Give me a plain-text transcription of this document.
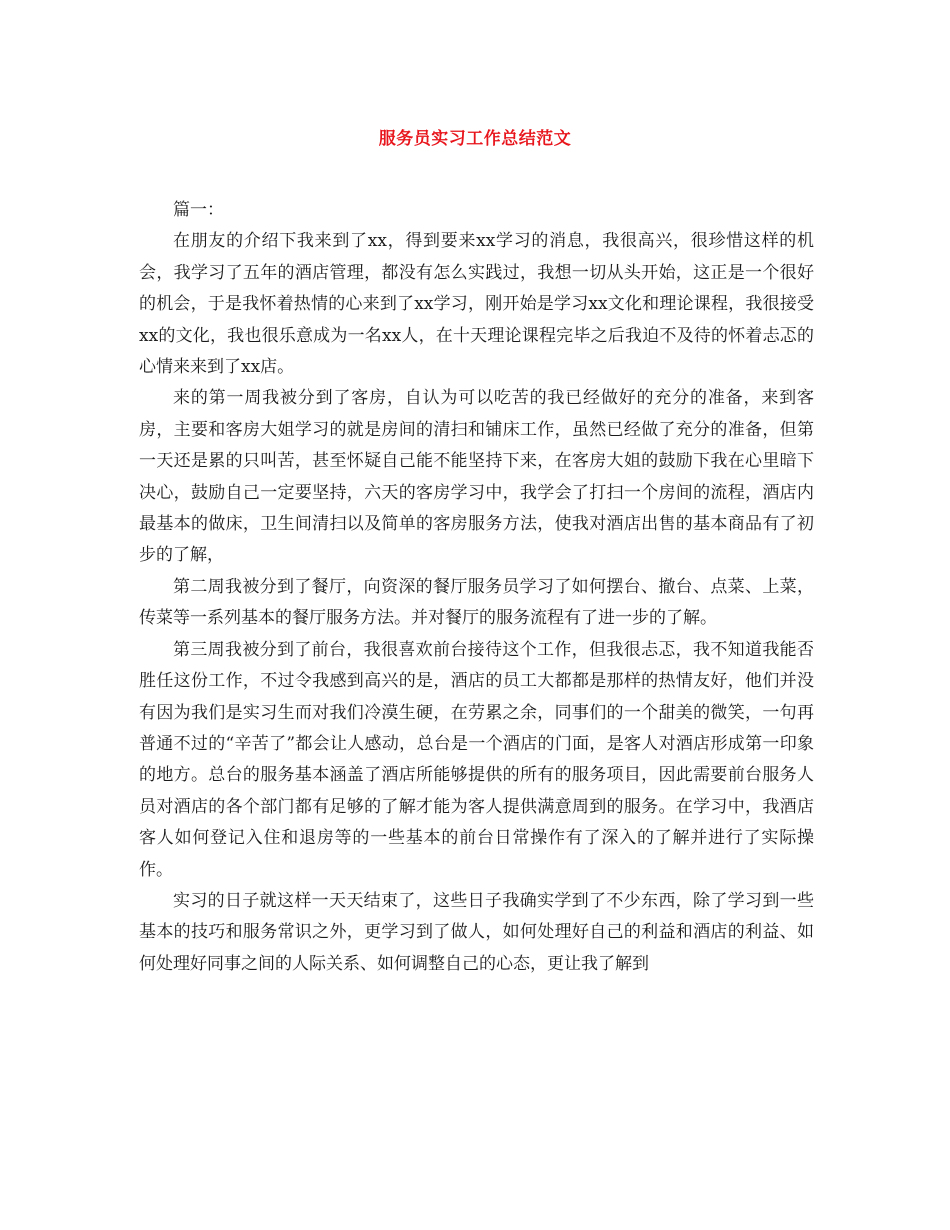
服务员实习工作总结范文

篇一：

在朋友的介绍下我来到了xx，得到要来xx学习的消息，我很高兴，很珍惜这样的机会，我学习了五年的酒店管理，都没有怎么实践过，我想一切从头开始，这正是一个很好的机会，于是我怀着热情的心来到了xx学习，刚开始是学习xx文化和理论课程，我很接受xx的文化，我也很乐意成为一名xx人，在十天理论课程完毕之后我迫不及待的怀着忐忑的心情来来到了xx店。

来的第一周我被分到了客房，自认为可以吃苦的我已经做好的充分的准备，来到客房，主要和客房大姐学习的就是房间的清扫和铺床工作，虽然已经做了充分的准备，但第一天还是累的只叫苦，甚至怀疑自己能不能坚持下来，在客房大姐的鼓励下我在心里暗下决心，鼓励自己一定要坚持，六天的客房学习中，我学会了打扫一个房间的流程，酒店内最基本的做床，卫生间清扫以及简单的客房服务方法，使我对酒店出售的基本商品有了初步的了解，

第二周我被分到了餐厅，向资深的餐厅服务员学习了如何摆台、撤台、点菜、上菜，传菜等一系列基本的餐厅服务方法。并对餐厅的服务流程有了进一步的了解。

第三周我被分到了前台，我很喜欢前台接待这个工作，但我很忐忑，我不知道我能否胜任这份工作，不过令我感到高兴的是，酒店的员工大都都是那样的热情友好，他们并没有因为我们是实习生而对我们冷漠生硬，在劳累之余，同事们的一个甜美的微笑，一句再普通不过的“辛苦了”都会让人感动，总台是一个酒店的门面，是客人对酒店形成第一印象的地方。总台的服务基本涵盖了酒店所能够提供的所有的服务项目，因此需要前台服务人员对酒店的各个部门都有足够的了解才能为客人提供满意周到的服务。在学习中，我酒店客人如何登记入住和退房等的一些基本的前台日常操作有了深入的了解并进行了实际操作。

实习的日子就这样一天天结束了，这些日子我确实学到了不少东西，除了学习到一些基本的技巧和服务常识之外，更学习到了做人，如何处理好自己的利益和酒店的利益、如何处理好同事之间的人际关系、如何调整自己的心态，更让我了解到
